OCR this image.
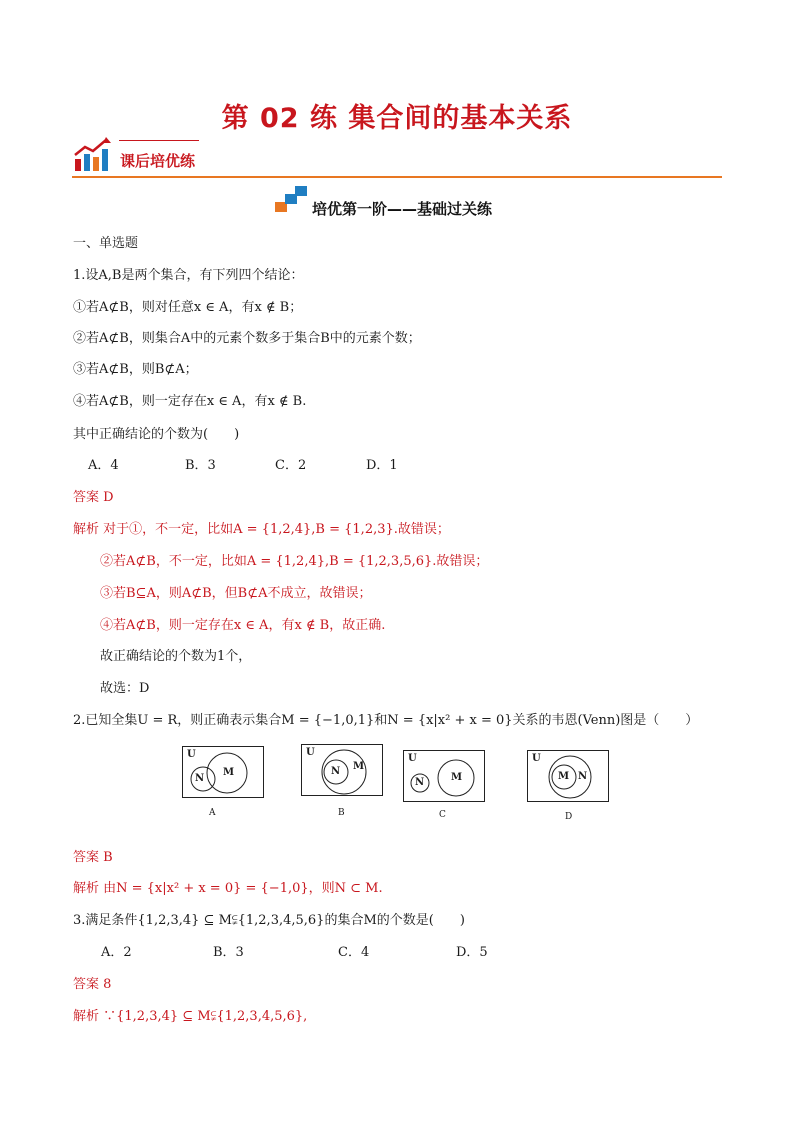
第 02 练 集合间的基本关系
课后培优练
培优第一阶——基础过关练
一、单选题
1.设A,B是两个集合，有下列四个结论：
①若A⊄B，则对任意x ∈ A，有x ∉ B；
②若A⊄B，则集合A中的元素个数多于集合B中的元素个数；
③若A⊄B，则B⊄A；
④若A⊄B，则一定存在x ∈ A，有x ∉ B.
其中正确结论的个数为(　　)
A．4	B．3	C．2	D．1
答案 D
解析 对于①，不一定，比如A = {1,2,4},B = {1,2,3}.故错误；
②若A⊄B，不一定，比如A = {1,2,4},B = {1,2,3,5,6}.故错误；
③若B⊆A，则A⊄B，但B⊄A不成立，故错误；
④若A⊄B，则一定存在x ∈ A，有x ∉ B，故正确.
故正确结论的个数为1个，
故选：D
2.已知全集U = R，则正确表示集合M = {−1,0,1}和N = {x|x² + x = 0}关系的韦恩(Venn)图是（　　）
U
N
M
A
U
N M
B
U
N	M
C
U
M N
D
答案 B
解析 由N = {x|x² + x = 0} = {−1,0}，则N ⊂ M.
3.满足条件{1,2,3,4} ⊆ M⫋{1,2,3,4,5,6}的集合M的个数是(　　)
A．2	B．3	C．4	D．5
答案 8
解析 ∵{1,2,3,4} ⊆ M⫋{1,2,3,4,5,6},
